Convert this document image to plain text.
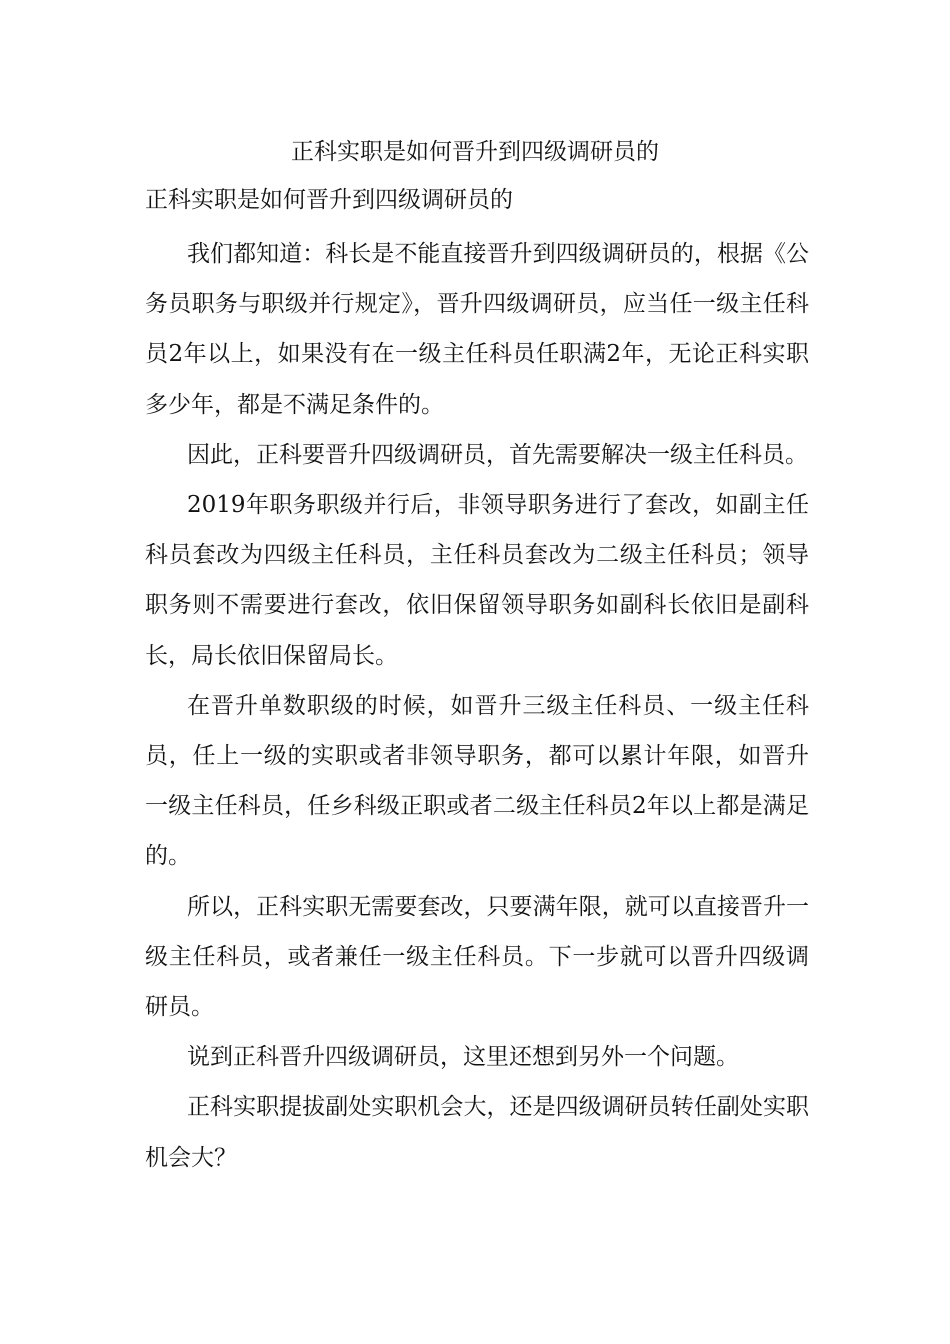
正科实职是如何晋升到四级调研员的

正科实职是如何晋升到四级调研员的

我们都知道：科长是不能直接晋升到四级调研员的，根据《公务员职务与职级并行规定》，晋升四级调研员，应当任一级主任科员2年以上，如果没有在一级主任科员任职满2年，无论正科实职多少年，都是不满足条件的。

因此，正科要晋升四级调研员，首先需要解决一级主任科员。

2019年职务职级并行后，非领导职务进行了套改，如副主任科员套改为四级主任科员，主任科员套改为二级主任科员；领导职务则不需要进行套改，依旧保留领导职务如副科长依旧是副科长，局长依旧保留局长。

在晋升单数职级的时候，如晋升三级主任科员、一级主任科员，任上一级的实职或者非领导职务，都可以累计年限，如晋升一级主任科员，任乡科级正职或者二级主任科员2年以上都是满足的。

所以，正科实职无需要套改，只要满年限，就可以直接晋升一级主任科员，或者兼任一级主任科员。下一步就可以晋升四级调研员。

说到正科晋升四级调研员，这里还想到另外一个问题。

正科实职提拔副处实职机会大，还是四级调研员转任副处实职机会大？
